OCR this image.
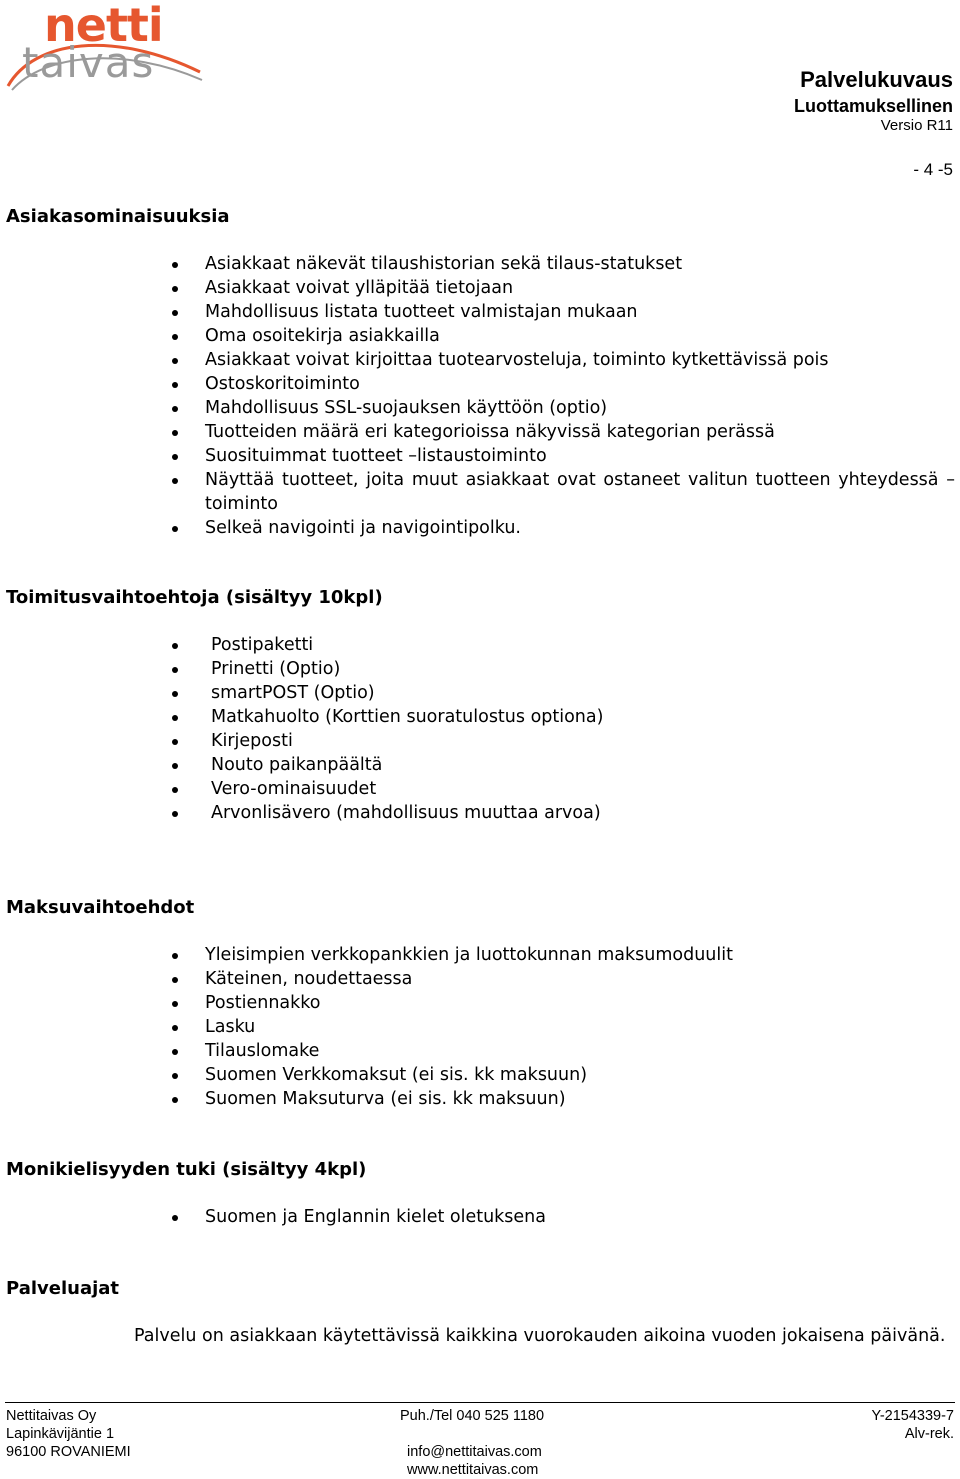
netti
taivas	Palvelukuvaus
Luottamuksellinen
Versio R11
- 4 -5
Asiakasominaisuuksia
Asiakkaat näkevät tilaushistorian sekä tilaus-statukset
Asiakkaat voivat ylläpitää tietojaan
Mahdollisuus listata tuotteet valmistajan mukaan
Oma osoitekirja asiakkailla
Asiakkaat voivat kirjoittaa tuotearvosteluja, toiminto kytkettävissä pois
Ostoskoritoiminto
Mahdollisuus SSL-suojauksen käyttöön (optio)
Tuotteiden määrä eri kategorioissa näkyvissä kategorian perässä
Suosituimmat tuotteet –listaustoiminto
Näyttää tuotteet, joita muut asiakkaat ovat ostaneet valitun tuotteen yhteydessä – toiminto
Selkeä navigointi ja navigointipolku.
Toimitusvaihtoehtoja (sisältyy 10kpl)
Postipaketti
Prinetti (Optio)
smartPOST (Optio)
Matkahuolto (Korttien suoratulostus optiona)
Kirjeposti
Nouto paikanpäältä
Vero-ominaisuudet
Arvonlisävero (mahdollisuus muuttaa arvoa)
Maksuvaihtoehdot
Yleisimpien verkkopankkien ja luottokunnan maksumoduulit
Käteinen, noudettaessa
Postiennakko
Lasku
Tilauslomake
Suomen Verkkomaksut (ei sis. kk maksuun)
Suomen Maksuturva (ei sis. kk maksuun)
Monikielisyyden tuki (sisältyy 4kpl)
Suomen ja Englannin kielet oletuksena
Palveluajat
Palvelu on asiakkaan käytettävissä kaikkina vuorokauden aikoina vuoden jokaisena päivänä.
Nettitaivas Oy
Lapinkävijäntie 1
96100 ROVANIEMI
Puh./Tel 040 525 1180
info@nettitaivas.com
www.nettitaivas.com
Y-2154339-7
Alv-rek.
